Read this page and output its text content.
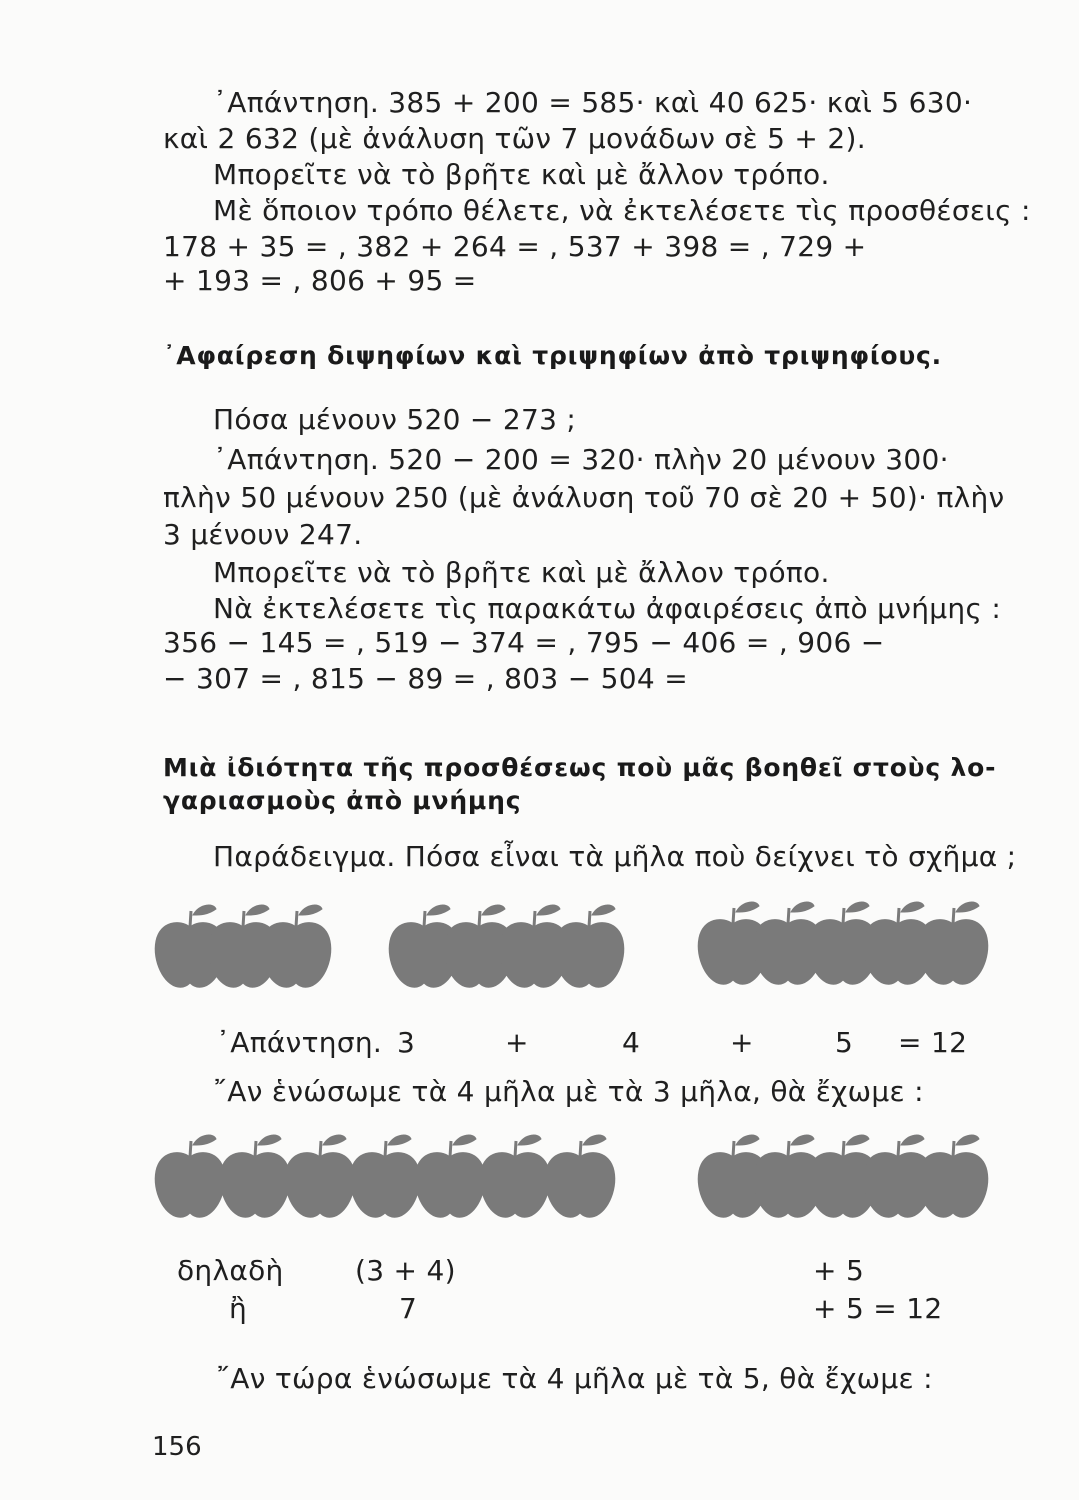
᾿Απάντηση. 385 + 200 = 585· καὶ 40 625· καὶ 5 630·
καὶ 2 632 (μὲ ἀνάλυση τῶν 7 μονάδων σὲ 5 + 2).
Μπορεῖτε νὰ τὸ βρῆτε καὶ μὲ ἄλλον τρόπο.
Μὲ ὅποιον τρόπο θέλετε, νὰ ἐκτελέσετε τὶς προσθέσεις :
178 + 35 = , 382 + 264 = , 537 + 398 = , 729 +
+ 193 = , 806 + 95 =
Πόσα μένουν 520 − 273 ;
᾿Απάντηση. 520 − 200 = 320· πλὴν 20 μένουν 300·
πλὴν 50 μένουν 250 (μὲ ἀνάλυση τοῦ 70 σὲ 20 + 50)· πλὴν
3 μένουν 247.
Μπορεῖτε νὰ τὸ βρῆτε καὶ μὲ ἄλλον τρόπο.
Νὰ ἐκτελέσετε τὶς παρακάτω ἀφαιρέσεις ἀπὸ μνήμης :
356 − 145 = , 519 − 374 = , 795 − 406 = , 906 −
− 307 = , 815 − 89 = , 803 − 504 =
Παράδειγμα. Πόσα εἶναι τὰ μῆλα ποὺ δείχνει τὸ σχῆμα ;
᾿Απάντηση.
῎Αν ἑνώσωμε τὰ 4 μῆλα μὲ τὰ 3 μῆλα, θὰ ἔχωμε :
῎Αν τώρα ἑνώσωμε τὰ 4 μῆλα μὲ τὰ 5, θὰ ἔχωμε :
᾿Αφαίρεση διψηφίων καὶ τριψηφίων ἀπὸ τριψηφίους.
Μιὰ ἰδιότητα τῆς προσθέσεως ποὺ μᾶς βοηθεῖ στοὺς λο-
γαριασμοὺς ἀπὸ μνήμης
3	+	4	+	5 = 12
δηλαδὴ	(3 + 4)	+ 5
ἢ	7	+ 5 = 12
156
